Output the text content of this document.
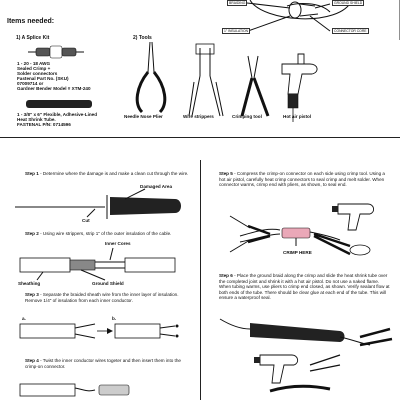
BRAIDING	GROUND SHIELD
1" INSULATION	CONNECTOR CORE
Items needed:
1) A Splice Kit
1 - 20 - 18 AWG
Sealed Crimp +
Solder connectors
Fastenal Part No. (SKU)
07009714 or
Gardner Bender Model # XTM-240
1 - 3/8" x 6" Flexible, Adhesive-Lined
Heat Shrink Tube.
FASTENAL P/N: 0714596
2) Tools
Needle Nose Plier	Wire strippers	Crimping tool	Hot air pistol
Step 1 - Determine where the damage is and make a clean cut through the wire.
Damaged Area
Cut
Step 2 - Using wire strippers, strip 1" of the outer insulation of the cable.
Inner Cores
Sheathing	Ground Shield
Step 3 - Separate the braided sheath wire from the inner layer of insulation. Remove 1/4" of insulation from each inner conductor.
a.	b.
Step 4 - Twist the inner conductor wires togeter and then insert them into the crimp-on connector.
Step 5 - Compress the crimp-on connector on each side using crimp tool. Using a hot air pistol, carefully heat crimp connectors to seal crimp and melt solder. When connector warms, crimp end with pliers, as shown, to seal end.
CRIMP HERE
Step 6 - Place the ground braid along the crimp and slide the heat shrink tube over the completed joint and shrink it with a hot air pistol. Do not use a naked flame. When tubing warms, use pliers to crimp end closed, as shown. Verify sealant flow at both ends of the tube. There should be clear glue at each end of the tube. This will ensure a waterproof seal.
